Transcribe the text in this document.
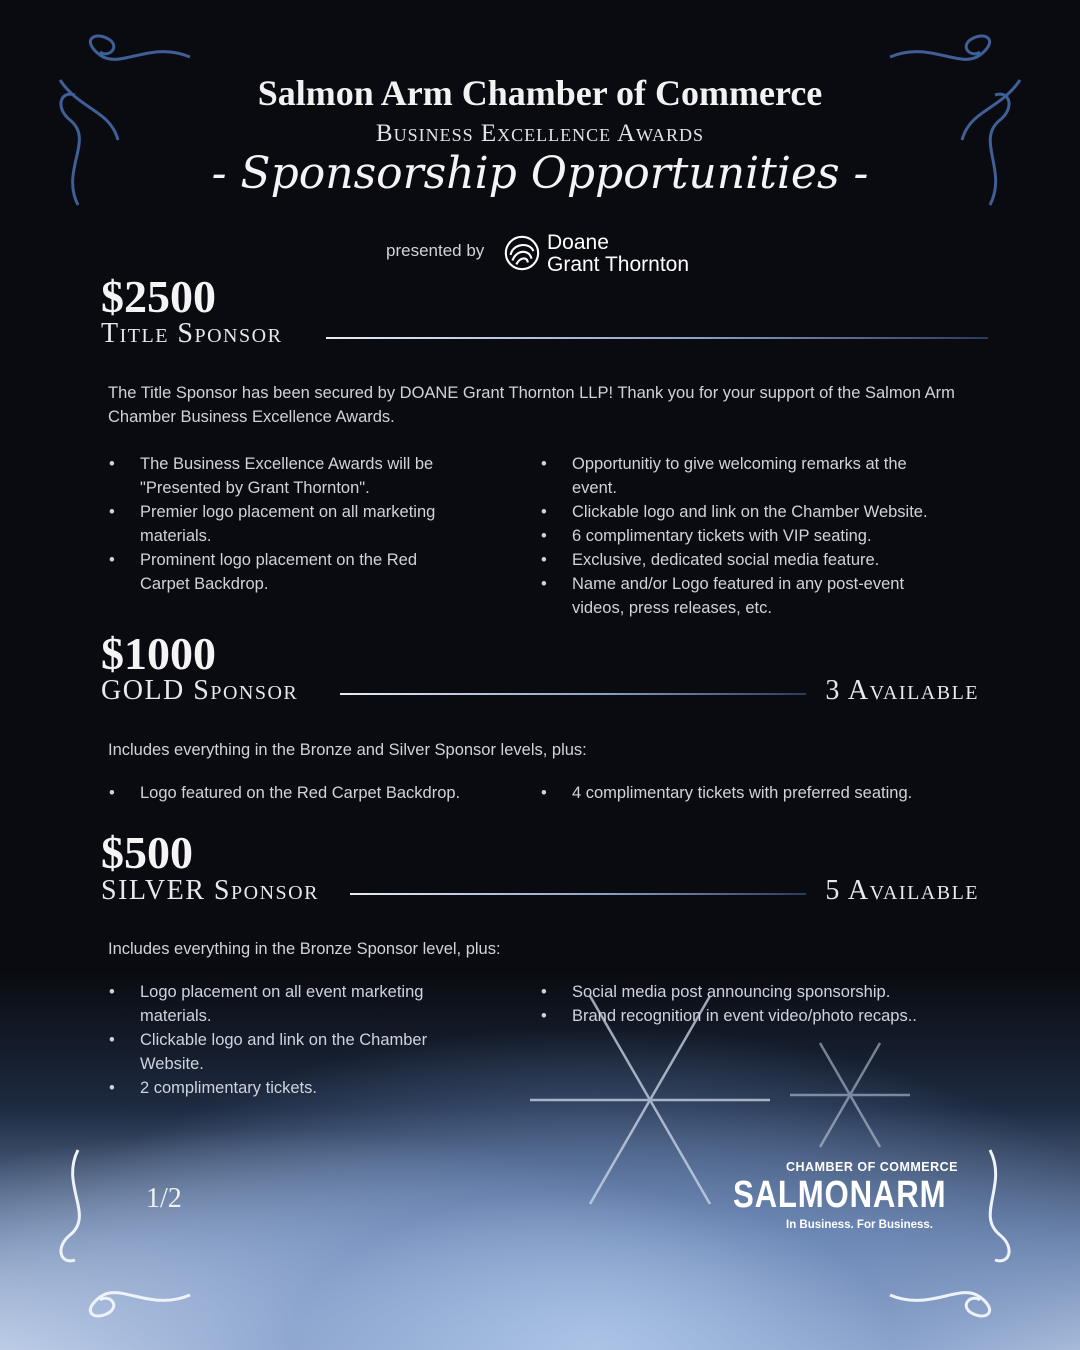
Salmon Arm Chamber of Commerce
Business Excellence Awards
- Sponsorship Opportunities -
presented by	Doane
Grant Thornton
$2500
Title Sponsor
The Title Sponsor has been secured by DOANE Grant Thornton LLP! Thank you for your support of the Salmon Arm Chamber Business Excellence Awards.
• The Business Excellence Awards will be "Presented by Grant Thornton".
• Premier logo placement on all marketing materials.
• Prominent logo placement on the Red Carpet Backdrop.
• Opportunitiy to give welcoming remarks at the event.
• Clickable logo and link on the Chamber Website.
• 6 complimentary tickets with VIP seating.
• Exclusive, dedicated social media feature.
• Name and/or Logo featured in any post-event videos, press releases, etc.
$1000
GOLD Sponsor	3 Available
Includes everything in the Bronze and Silver Sponsor levels, plus:
• Logo featured on the Red Carpet Backdrop.	• 4 complimentary tickets with preferred seating.
$500
SILVER Sponsor	5 Available
Includes everything in the Bronze Sponsor level, plus:
• Logo placement on all event marketing materials.
• Clickable logo and link on the Chamber Website.
• 2 complimentary tickets.
• Social media post announcing sponsorship.
• Brand recognition in event video/photo recaps..
1/2
CHAMBER OF COMMERCE
SALMONARM
In Business. For Business.
